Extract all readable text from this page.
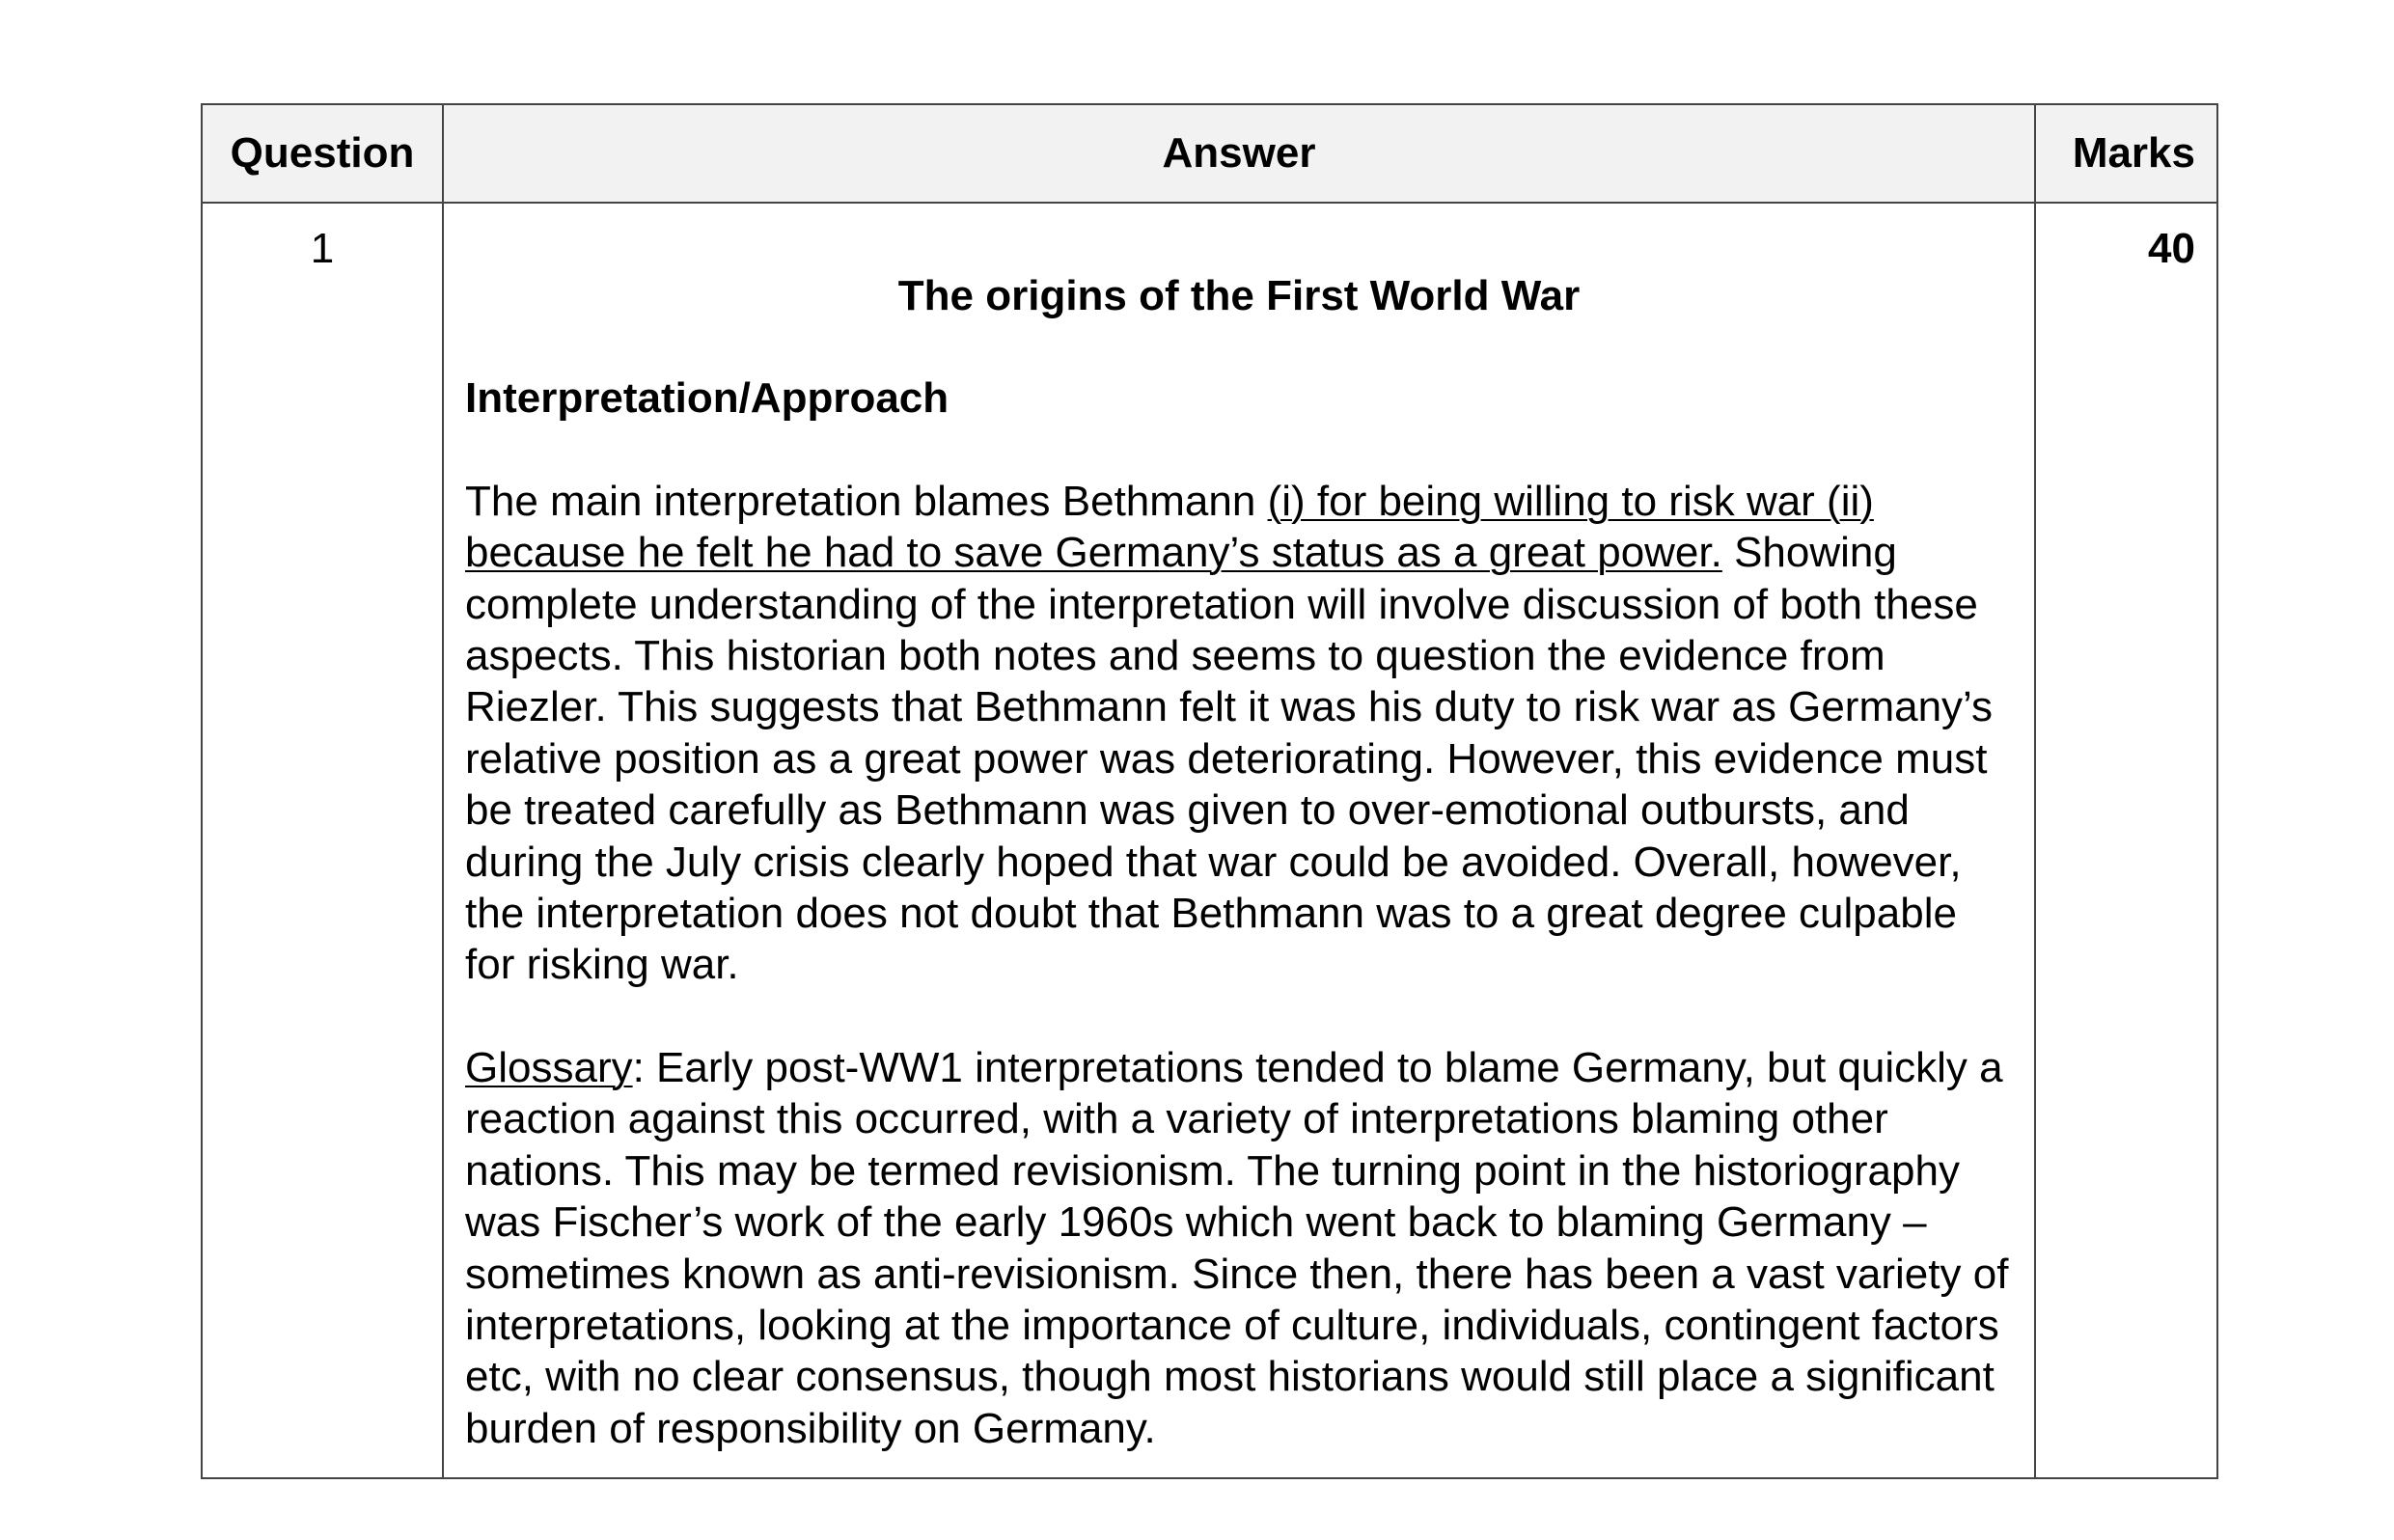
Question	Answer	Marks
1	The origins of the First World War

Interpretation/Approach

The main interpretation blames Bethmann (i) for being willing to risk war (ii) because he felt he had to save Germany’s status as a great power. Showing complete understanding of the interpretation will involve discussion of both these aspects. This historian both notes and seems to question the evidence from Riezler. This suggests that Bethmann felt it was his duty to risk war as Germany’s relative position as a great power was deteriorating. However, this evidence must be treated carefully as Bethmann was given to over-emotional outbursts, and during the July crisis clearly hoped that war could be avoided. Overall, however, the interpretation does not doubt that Bethmann was to a great degree culpable for risking war.

Glossary: Early post-WW1 interpretations tended to blame Germany, but quickly a reaction against this occurred, with a variety of interpretations blaming other nations. This may be termed revisionism. The turning point in the historiography was Fischer’s work of the early 1960s which went back to blaming Germany – sometimes known as anti-revisionism. Since then, there has been a vast variety of interpretations, looking at the importance of culture, individuals, contingent factors etc, with no clear consensus, though most historians would still place a significant burden of responsibility on Germany.	40
